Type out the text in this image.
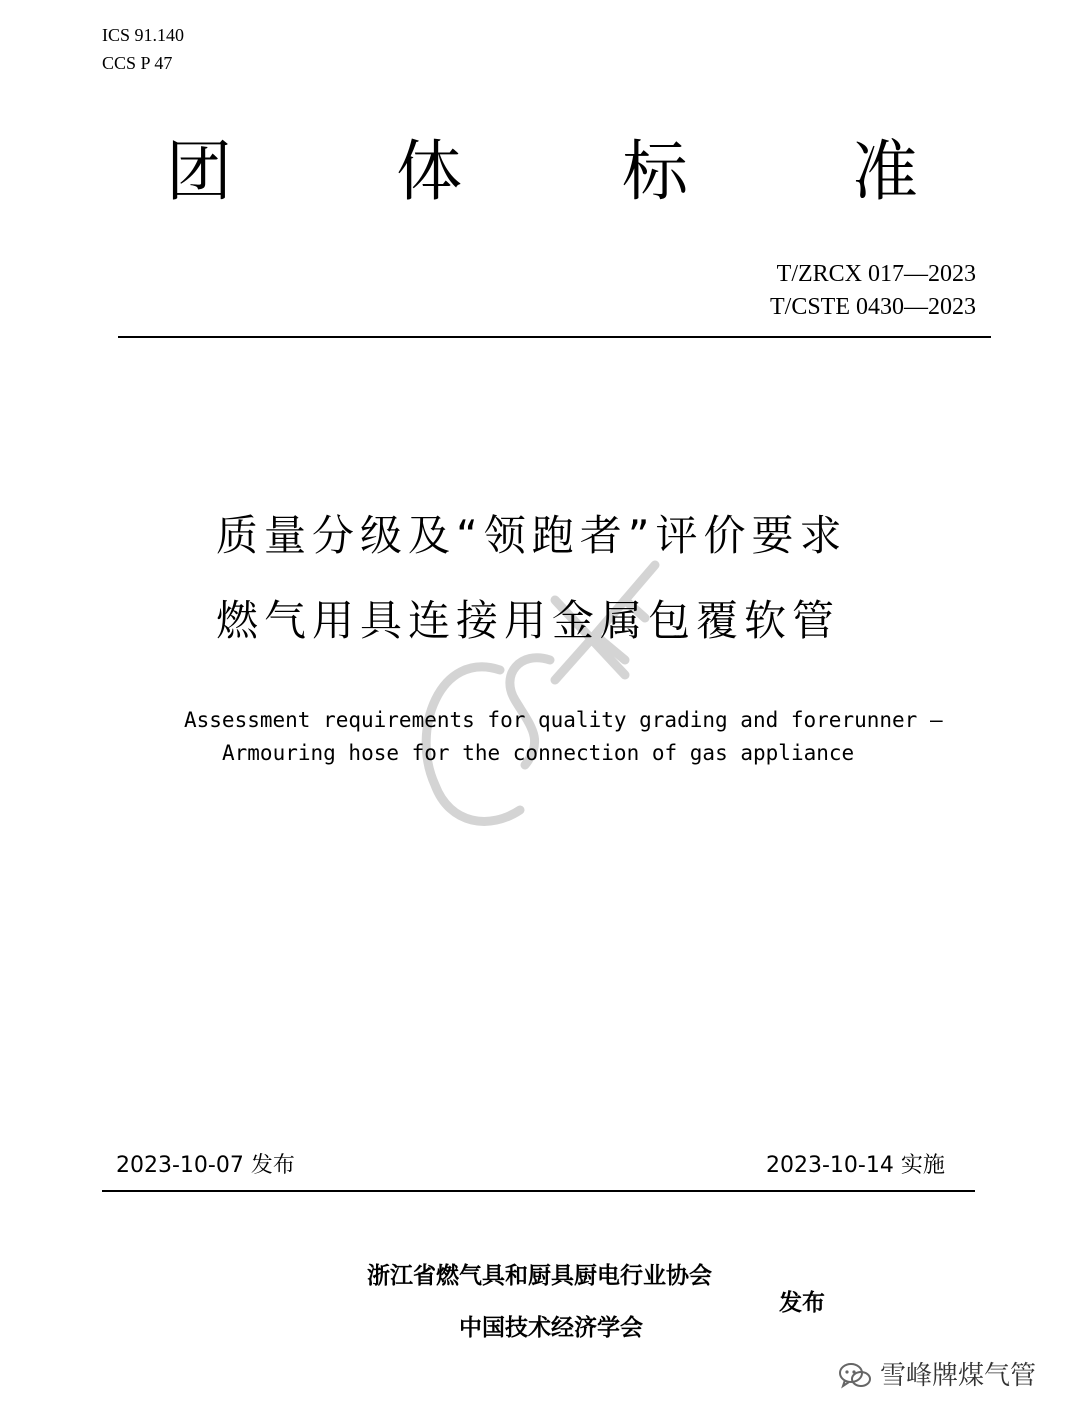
ICS 91.140
CCS P 47
团 体 标 准
T/ZRCX 017—2023
T/CSTE 0430—2023
质量分级及“领跑者”评价要求
燃气用具连接用金属包覆软管
Assessment requirements for quality grading and forerunner —
Armouring hose for the connection of gas appliance
2023-10-07 发布	2023-10-14 实施
浙江省燃气具和厨具厨电行业协会
中国技术经济学会
发布
雪峰牌煤气管
